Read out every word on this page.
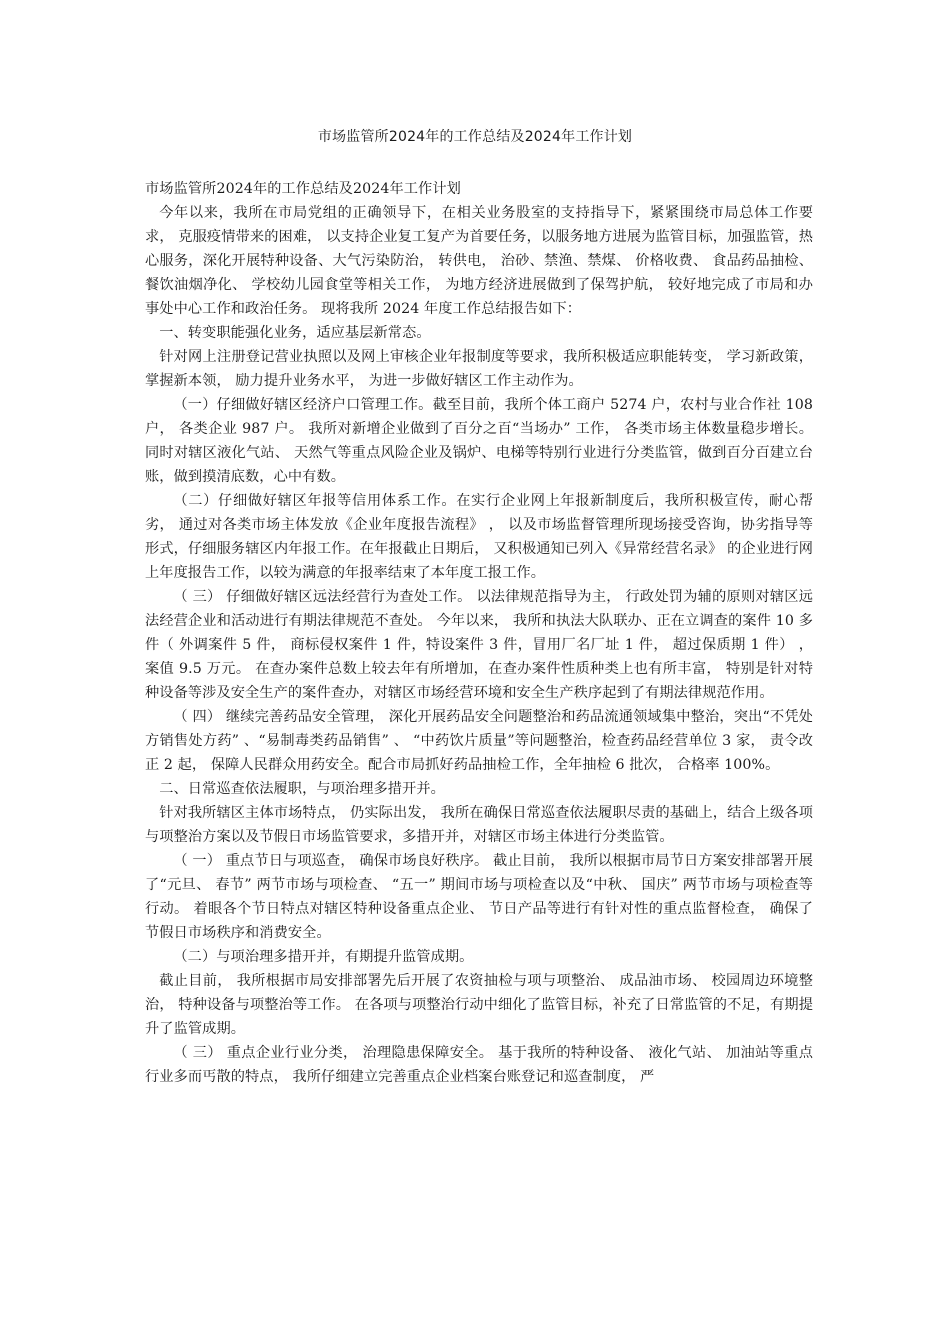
市场监管所2024年的工作总结及2024年工作计划

市场监管所2024年的工作总结及2024年工作计划

今年以来，我所在市局党组的正确领导下，在相关业务股室的支持指导下，紧紧围绕市局总体工作要求， 克服疫情带来的困难， 以支持企业复工复产为首要任务，以服务地方进展为监管目标，加强监管，热心服务，深化开展特种设备、大气污染防治， 转供电， 治砂、禁渔、禁煤、 价格收费、 食品药品抽检、 餐饮油烟净化、 学校幼儿园食堂等相关工作， 为地方经济进展做到了保驾护航， 较好地完成了市局和办事处中心工作和政治任务。 现将我所 2024 年度工作总结报告如下：

一、转变职能强化业务，适应基层新常态。

针对网上注册登记营业执照以及网上审核企业年报制度等要求，我所积极适应职能转变， 学习新政策， 掌握新本领， 励力提升业务水平， 为进一步做好辖区工作主动作为。

（一）仔细做好辖区经济户口管理工作。截至目前，我所个体工商户 5274 户，农村与业合作社 108 户， 各类企业 987 户。 我所对新增企业做到了百分之百“当场办” 工作， 各类市场主体数量稳步增长。 同时对辖区液化气站、 天然气等重点风险企业及锅炉、电梯等特别行业进行分类监管，做到百分百建立台账，做到摸清底数，心中有数。

（二）仔细做好辖区年报等信用体系工作。在实行企业网上年报新制度后，我所积极宣传，耐心帮劣， 通过对各类市场主体发放《企业年度报告流程》 ， 以及市场监督管理所现场接受咨询，协劣指导等形式，仔细服务辖区内年报工作。在年报截止日期后， 又积极通知已列入《异常经营名录》 的企业进行网上年度报告工作，以较为满意的年报率结束了本年度工报工作。

（ 三） 仔细做好辖区远法经营行为查处工作。 以法律规范指导为主， 行政处罚为辅的原则对辖区远法经营企业和活动进行有期法律规范不查处。 今年以来， 我所和执法大队联办、正在立调查的案件 10 多件（ 外调案件 5 件， 商标侵权案件 1 件，特设案件 3 件，冒用厂名厂址 1 件， 超过保质期 1 件） ， 案值 9.5 万元。 在查办案件总数上较去年有所增加，在查办案件性质种类上也有所丰富， 特别是针对特种设备等涉及安全生产的案件查办，对辖区市场经营环境和安全生产秩序起到了有期法律规范作用。

（ 四） 继续完善药品安全管理， 深化开展药品安全问题整治和药品流通领域集中整治，突出“不凭处方销售处方药” 、“易制毒类药品销售” 、 “中药饮片质量”等问题整治，检查药品经营单位 3 家， 责令改正 2 起， 保障人民群众用药安全。配合市局抓好药品抽检工作，全年抽检 6 批次， 合格率 100%。

二、日常巡查依法履职，与项治理多措开并。

针对我所辖区主体市场特点， 仍实际出发， 我所在确保日常巡查依法履职尽责的基础上，结合上级各项与项整治方案以及节假日市场监管要求，多措开并，对辖区市场主体进行分类监管。

（ 一） 重点节日与项巡查， 确保市场良好秩序。 截止目前， 我所以根据市局节日方案安排部署开展了“元旦、 春节” 两节市场与项检查、 “五一” 期间市场与项检查以及“中秋、 国庆” 两节市场与项检查等行动。 着眼各个节日特点对辖区特种设备重点企业、 节日产品等进行有针对性的重点监督检查， 确保了节假日市场秩序和消费安全。

（二）与项治理多措开并，有期提升监管成期。

截止目前， 我所根据市局安排部署先后开展了农资抽检与项与项整治、 成品油市场、 校园周边环境整治， 特种设备与项整治等工作。 在各项与项整治行动中细化了监管目标，补充了日常监管的不足，有期提升了监管成期。

（ 三） 重点企业行业分类， 治理隐患保障安全。 基于我所的特种设备、 液化气站、 加油站等重点行业多而丐散的特点， 我所仔细建立完善重点企业档案台账登记和巡查制度， 严
